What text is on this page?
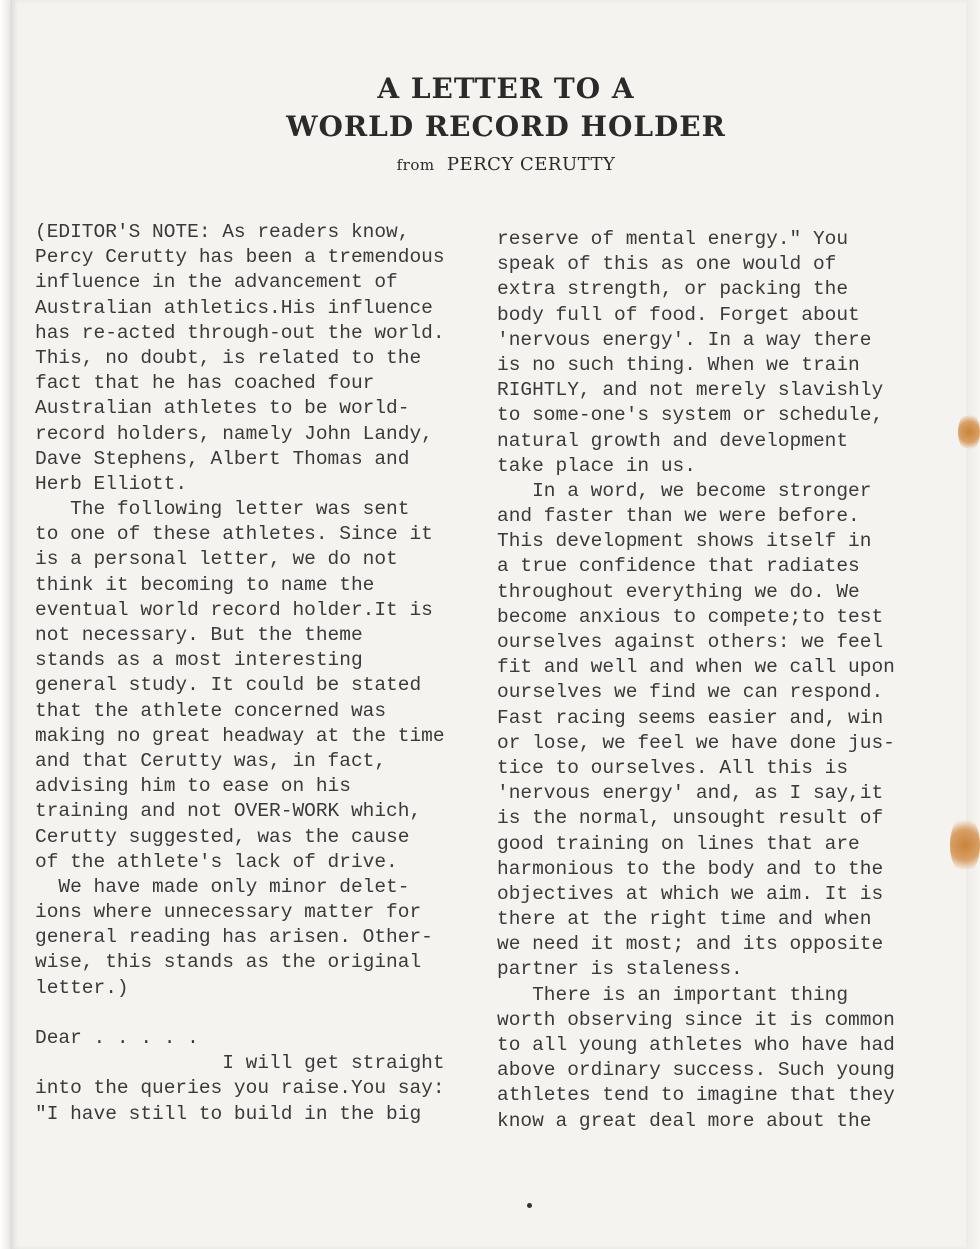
A LETTER TO A
WORLD RECORD HOLDER
from PERCY CERUTTY
(EDITOR'S NOTE: As readers know,
Percy Cerutty has been a tremendous
influence in the advancement of
Australian athletics.His influence
has re-acted through-out the world.
This, no doubt, is related to the
fact that he has coached four
Australian athletes to be world-
record holders, namely John Landy,
Dave Stephens, Albert Thomas and
Herb Elliott.
The following letter was sent
to one of these athletes. Since it
is a personal letter, we do not
think it becoming to name the
eventual world record holder.It is
not necessary. But the theme
stands as a most interesting
general study. It could be stated
that the athlete concerned was
making no great headway at the time
and that Cerutty was, in fact,
advising him to ease on his
training and not OVER-WORK which,
Cerutty suggested, was the cause
of the athlete's lack of drive.
We have made only minor delet-
ions where unnecessary matter for
general reading has arisen. Other-
wise, this stands as the original
letter.)
Dear . . . . .
I will get straight
into the queries you raise.You say:
"I have still to build in the big
reserve of mental energy." You
speak of this as one would of
extra strength, or packing the
body full of food. Forget about
'nervous energy'. In a way there
is no such thing. When we train
RIGHTLY, and not merely slavishly
to some-one's system or schedule,
natural growth and development
take place in us.
In a word, we become stronger
and faster than we were before.
This development shows itself in
a true confidence that radiates
throughout everything we do. We
become anxious to compete;to test
ourselves against others: we feel
fit and well and when we call upon
ourselves we find we can respond.
Fast racing seems easier and, win
or lose, we feel we have done jus-
tice to ourselves. All this is
'nervous energy' and, as I say,it
is the normal, unsought result of
good training on lines that are
harmonious to the body and to the
objectives at which we aim. It is
there at the right time and when
we need it most; and its opposite
partner is staleness.
There is an important thing
worth observing since it is common
to all young athletes who have had
above ordinary success. Such young
athletes tend to imagine that they
know a great deal more about the
